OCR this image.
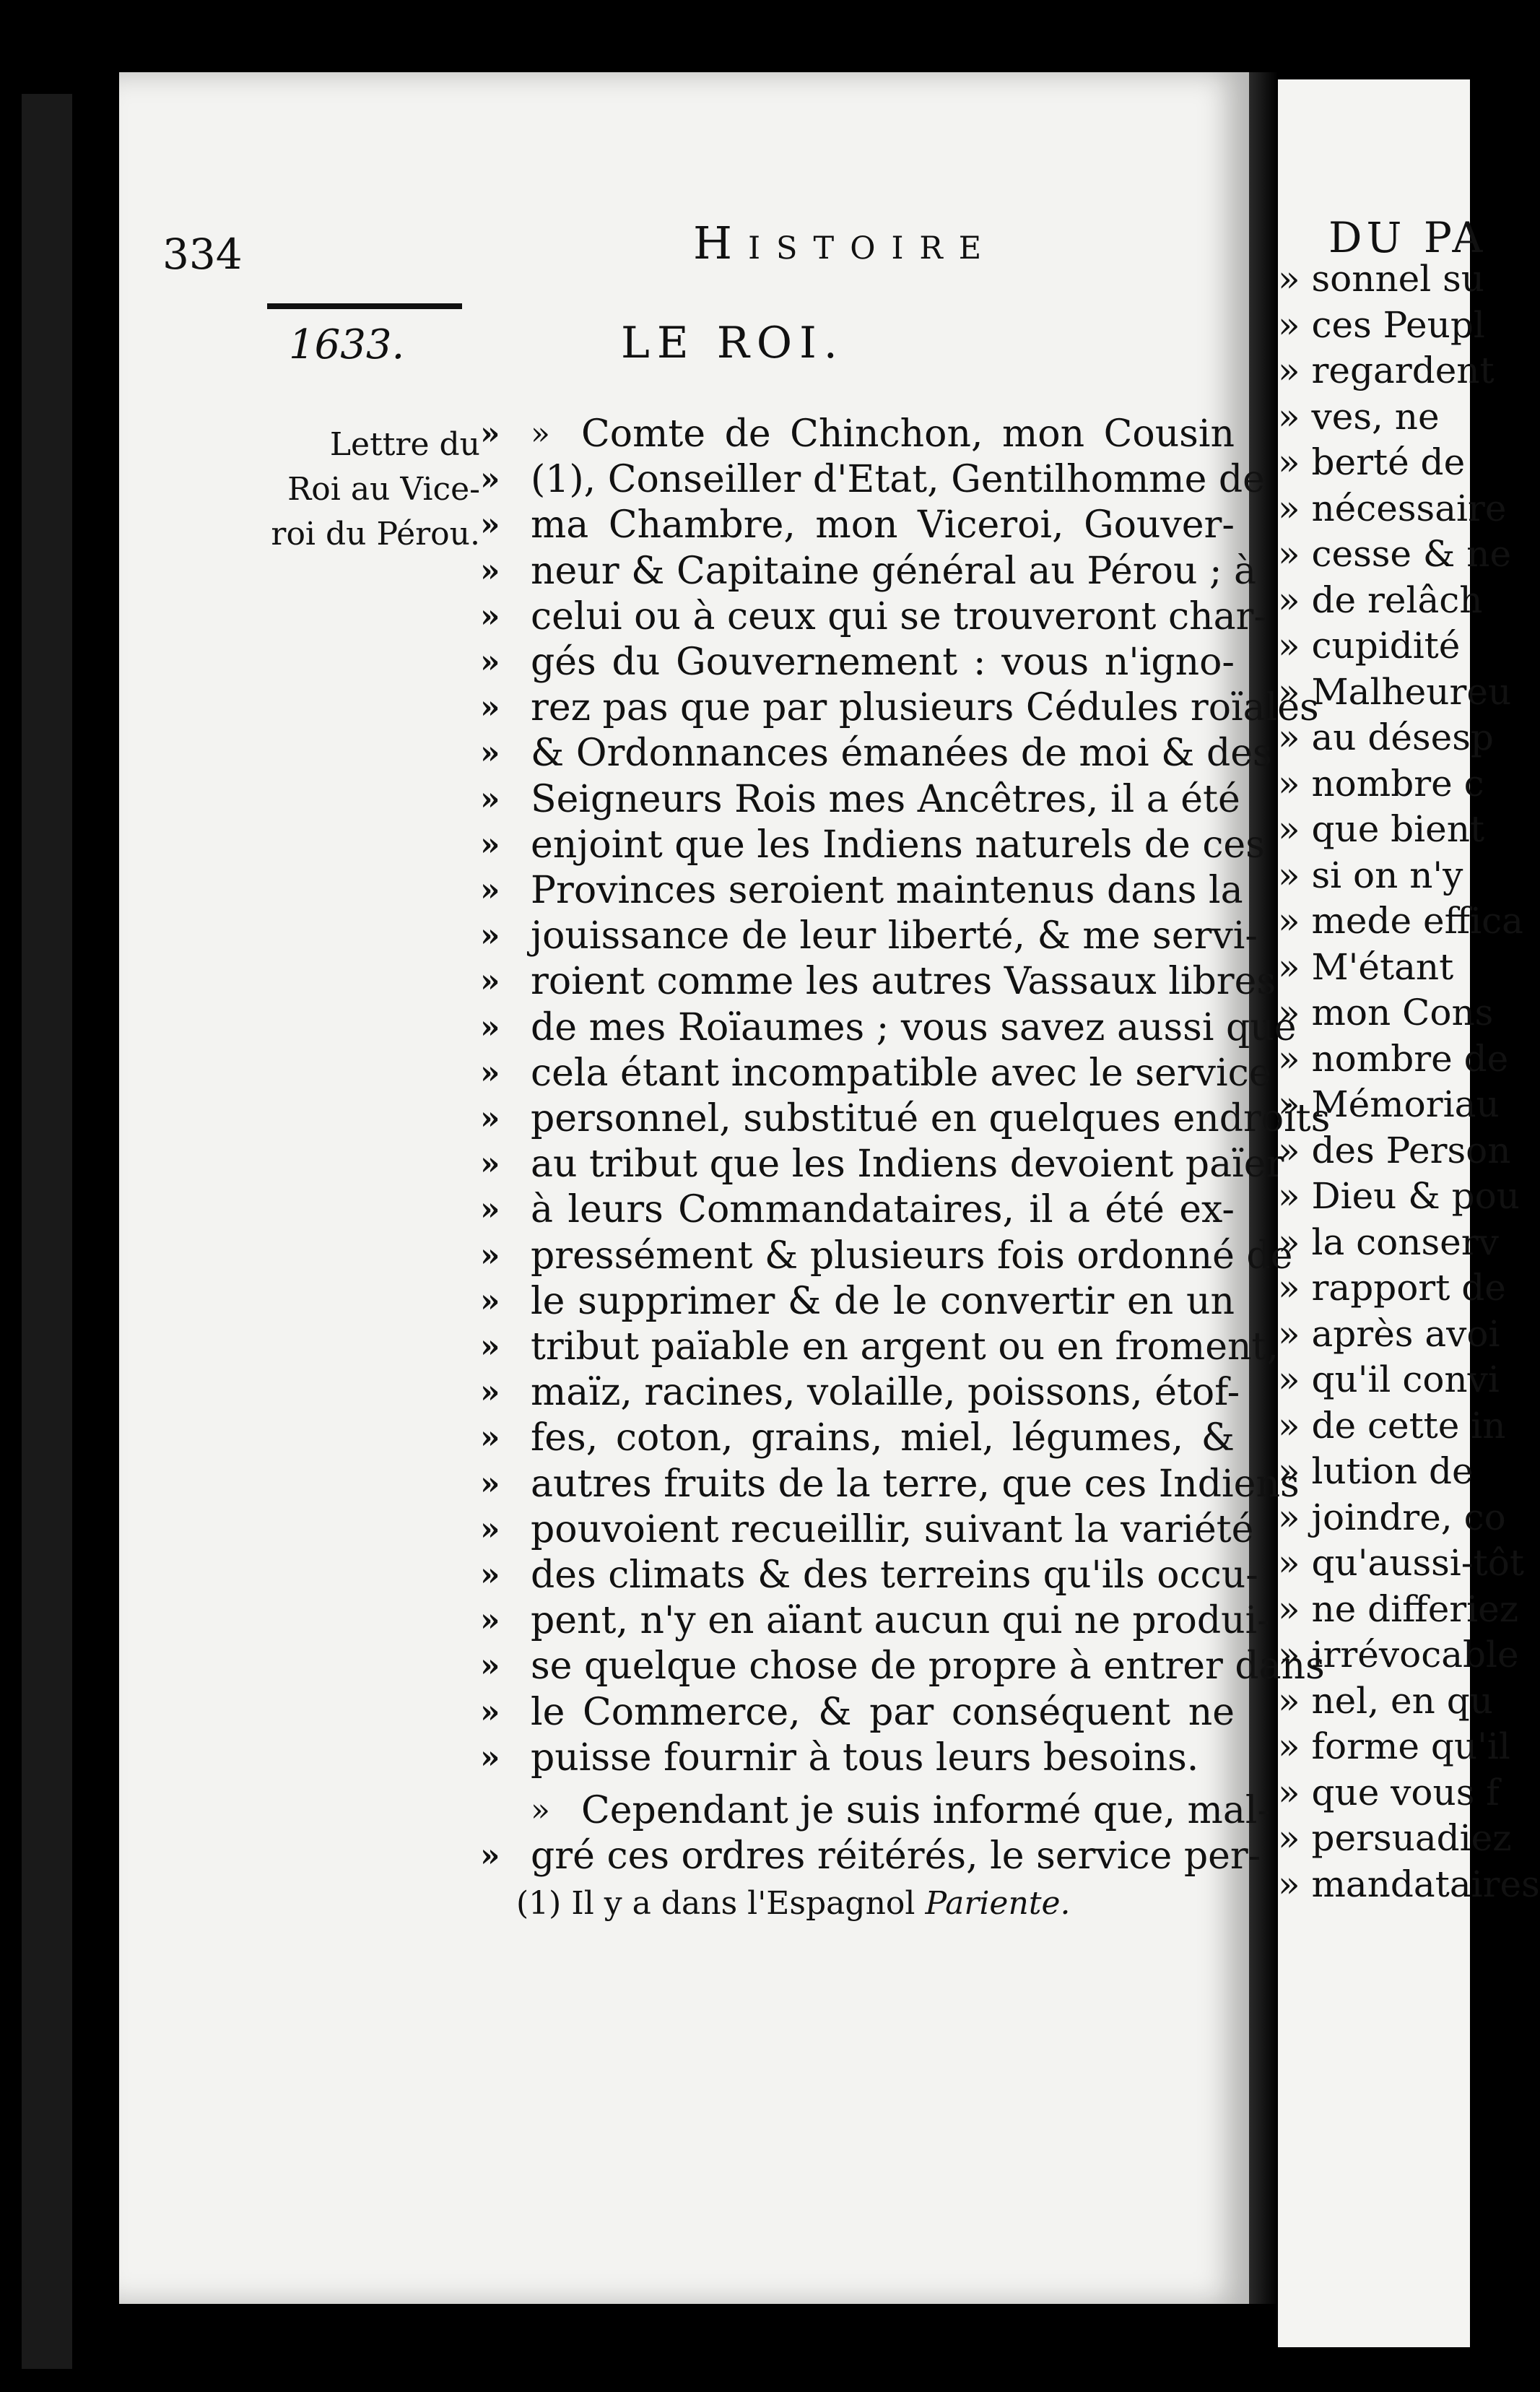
DU PA
» sonnel su
» ces Peupl
» regardent
» ves, ne
» berté de
» nécessaire
» cesse & ne
» de relâch
» cupidité
» Malheureu
» au désesp
» nombre c
» que bient
» si on n'y
» mede effica
» M'étant
» mon Cons
» nombre de
» Mémoriau
» des Person
» Dieu & pou
» la conserv
» rapport de
» après avoi
» qu'il convi
» de cette in
» lution de
» joindre, co
» qu'aussi-tôt
» ne differiez
» irrévocable
» nel, en qu
» forme qu'il
» que vous f
» persuadiez
» mandataires
334	Histoire
1633.	LE ROI.
Lettre du
Roi au Vice-
roi du Pérou.
» » Comte de Chinchon, mon Cousin
» (1), Conseiller d'Etat, Gentilhomme de
» ma Chambre, mon Viceroi, Gouver-
» neur & Capitaine général au Pérou ; à
» celui ou à ceux qui se trouveront char-
» gés du Gouvernement : vous n'igno-
» rez pas que par plusieurs Cédules roïales
» & Ordonnances émanées de moi & des
» Seigneurs Rois mes Ancêtres, il a été
» enjoint que les Indiens naturels de ces
» Provinces seroient maintenus dans la
» jouissance de leur liberté, & me servi-
» roient comme les autres Vassaux libres
» de mes Roïaumes ; vous savez aussi que
» cela étant incompatible avec le service
» personnel, substitué en quelques endroits
» au tribut que les Indiens devoient païer
» à leurs Commandataires, il a été ex-
» pressément & plusieurs fois ordonné de
» le supprimer & de le convertir en un
» tribut païable en argent ou en froment,
» maïz, racines, volaille, poissons, étof-
» fes, coton, grains, miel, légumes, &
» autres fruits de la terre, que ces Indiens
» pouvoient recueillir, suivant la variété
» des climats & des terreins qu'ils occu-
» pent, n'y en aïant aucun qui ne produi-
» se quelque chose de propre à entrer dans
» le Commerce, & par conséquent ne
» puisse fournir à tous leurs besoins.
» Cependant je suis informé que, mal-
» gré ces ordres réitérés, le service per-
(1) Il y a dans l'Espagnol Pariente.
